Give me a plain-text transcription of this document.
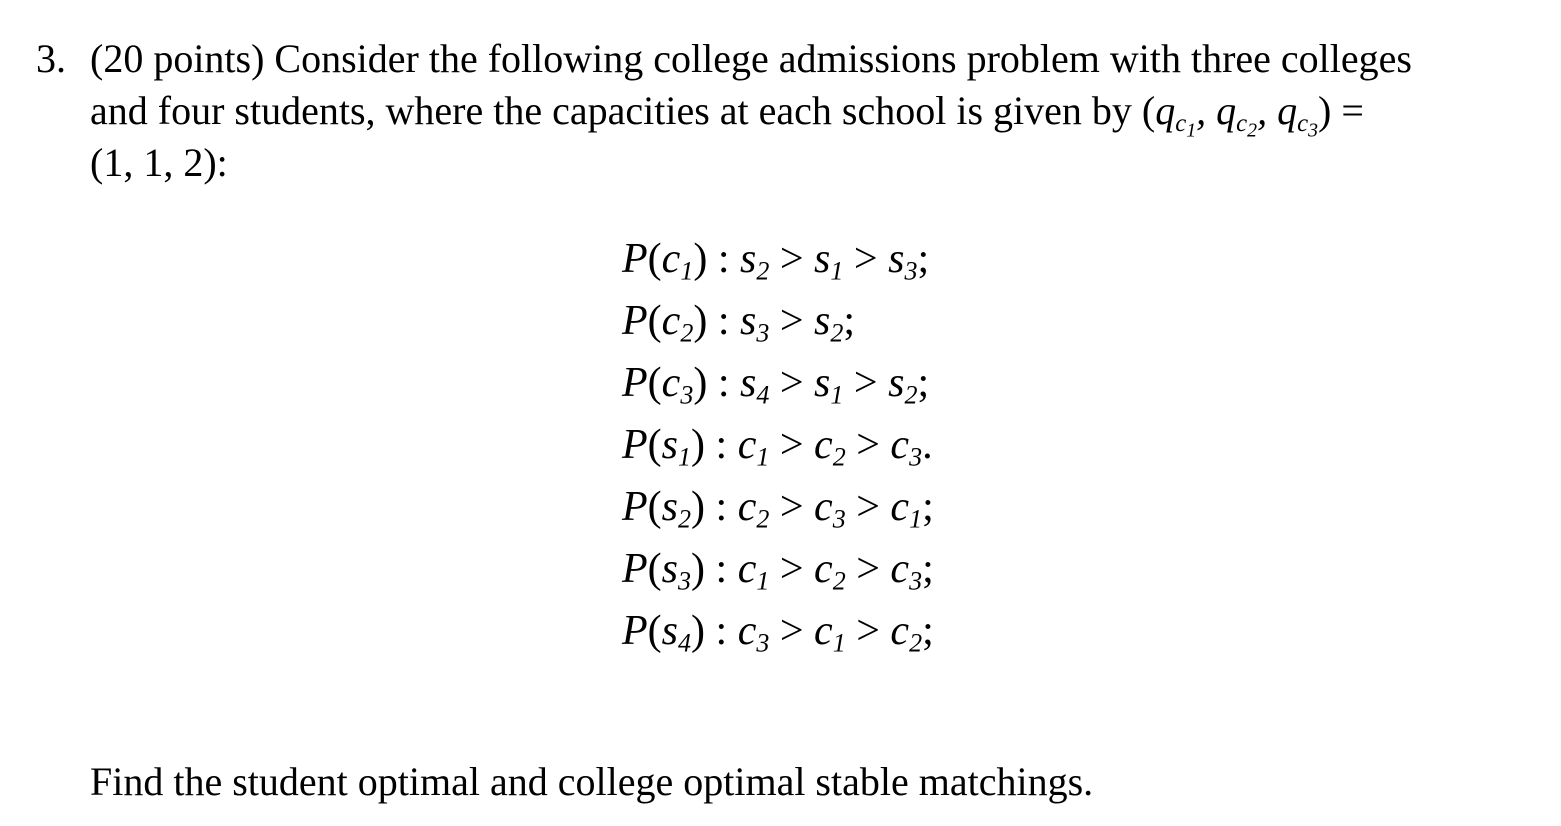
3. (20 points) Consider the following college admissions problem with three colleges
and four students, where the capacities at each school is given by ($q_{c_1}$, $q_{c_2}$, $q_{c_3}$) =
(1, 1, 2):
$P(c_1)$ : $s_2 > s_1 > s_3$;
$P(c_2)$ : $s_3 > s_2$;
$P(c_3)$ : $s_4 > s_1 > s_2$;
$P(s_1)$ : $c_1 > c_2 > c_3$.
$P(s_2)$ : $c_2 > c_3 > c_1$;
$P(s_3)$ : $c_1 > c_2 > c_3$;
$P(s_4)$ : $c_3 > c_1 > c_2$;
Find the student optimal and college optimal stable matchings.
